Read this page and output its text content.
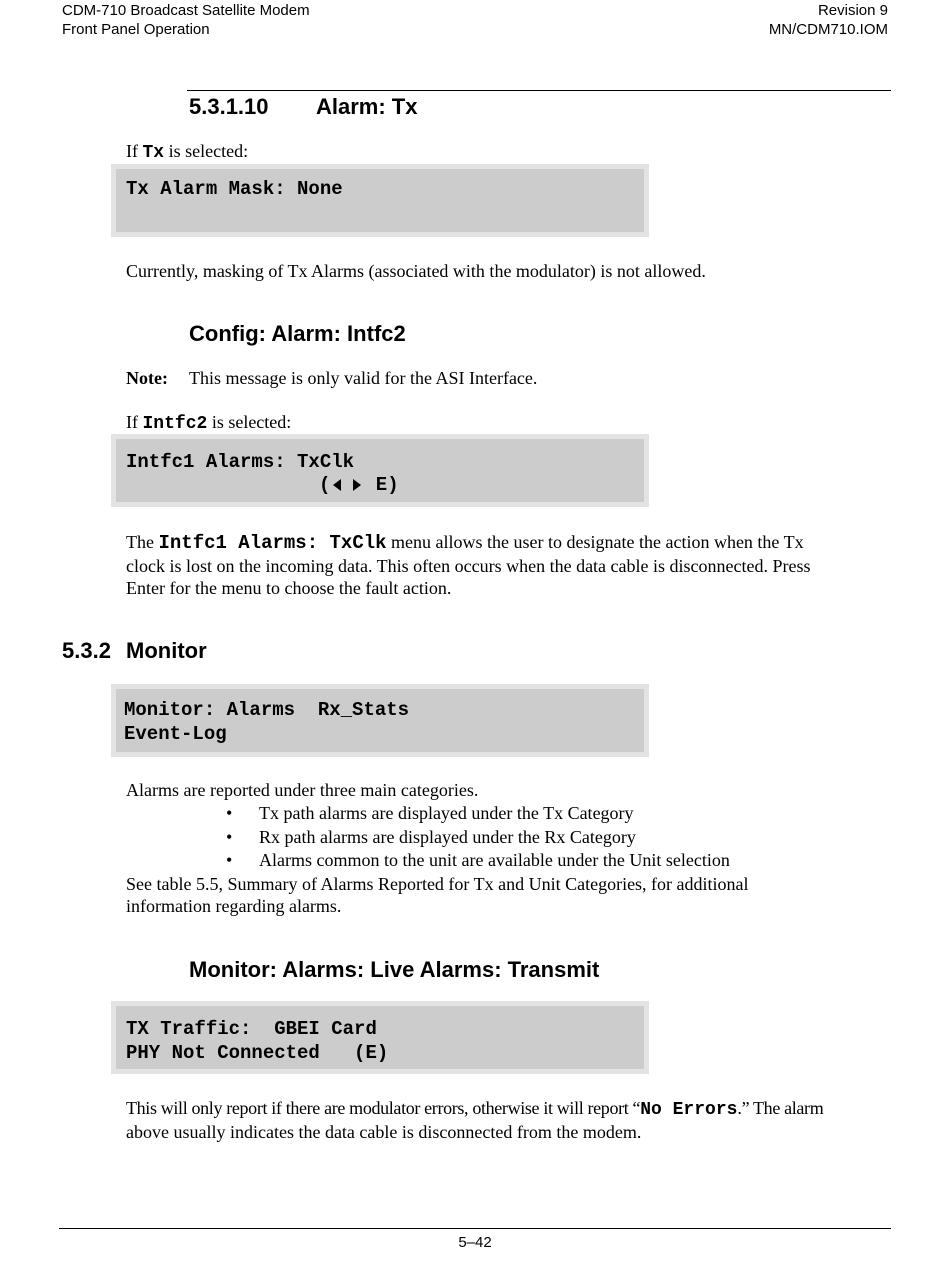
CDM-710 Broadcast Satellite Modem
Front Panel Operation
Revision 9
MN/CDM710.IOM
5.3.1.10 Alarm: Tx
If Tx is selected:
Tx Alarm Mask: None
Currently, masking of Tx Alarms (associated with the modulator) is not allowed.
Config: Alarm: Intfc2
Note: This message is only valid for the ASI Interface.
If Intfc2 is selected:
Intfc1 Alarms: TxClk
( E)
The Intfc1 Alarms: TxClk menu allows the user to designate the action when the Tx
clock is lost on the incoming data. This often occurs when the data cable is disconnected. Press
Enter for the menu to choose the fault action.
5.3.2 Monitor
Monitor: Alarms  Rx_Stats
Event-Log
Alarms are reported under three main categories.
• Tx path alarms are displayed under the Tx Category
• Rx path alarms are displayed under the Rx Category
• Alarms common to the unit are available under the Unit selection
See table 5.5, Summary of Alarms Reported for Tx and Unit Categories, for additional
information regarding alarms.
Monitor: Alarms: Live Alarms: Transmit
TX Traffic:  GBEI Card
PHY Not Connected   (E)
This will only report if there are modulator errors, otherwise it will report “No Errors.” The alarm
above usually indicates the data cable is disconnected from the modem.
5–42
